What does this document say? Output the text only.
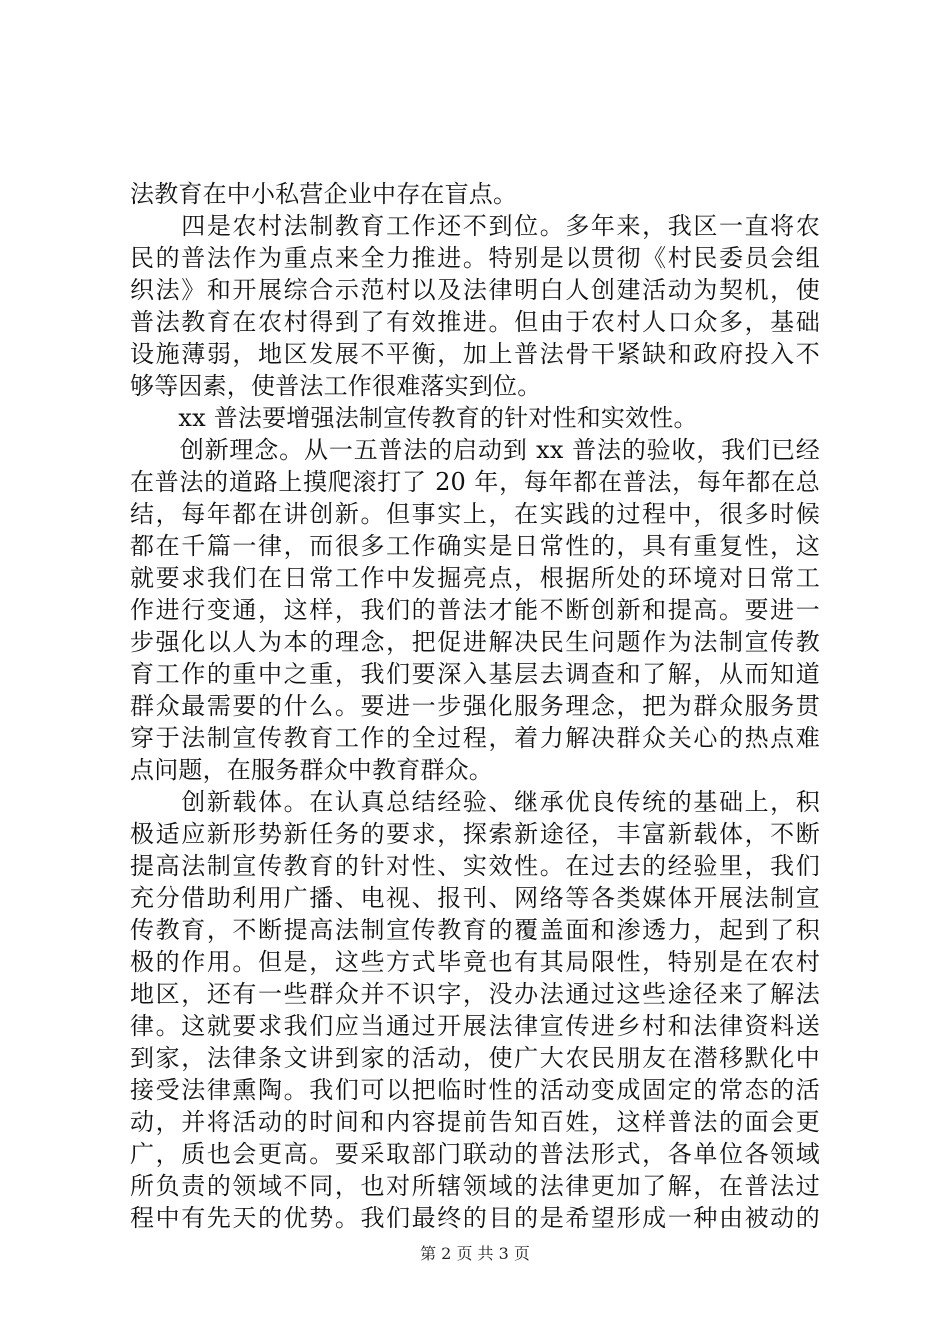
法教育在中小私营企业中存在盲点。
　　四是农村法制教育工作还不到位。多年来，我区一直将农
民的普法作为重点来全力推进。特别是以贯彻《村民委员会组
织法》和开展综合示范村以及法律明白人创建活动为契机，使
普法教育在农村得到了有效推进。但由于农村人口众多，基础
设施薄弱，地区发展不平衡，加上普法骨干紧缺和政府投入不
够等因素，使普法工作很难落实到位。
　　xx 普法要增强法制宣传教育的针对性和实效性。
　　创新理念。从一五普法的启动到 xx 普法的验收，我们已经
在普法的道路上摸爬滚打了 20 年，每年都在普法，每年都在总
结，每年都在讲创新。但事实上，在实践的过程中，很多时候
都在千篇一律，而很多工作确实是日常性的，具有重复性，这
就要求我们在日常工作中发掘亮点，根据所处的环境对日常工
作进行变通，这样，我们的普法才能不断创新和提高。要进一
步强化以人为本的理念，把促进解决民生问题作为法制宣传教
育工作的重中之重，我们要深入基层去调查和了解，从而知道
群众最需要的什么。要进一步强化服务理念，把为群众服务贯
穿于法制宣传教育工作的全过程，着力解决群众关心的热点难
点问题，在服务群众中教育群众。
　　创新载体。在认真总结经验、继承优良传统的基础上，积
极适应新形势新任务的要求，探索新途径，丰富新载体，不断
提高法制宣传教育的针对性、实效性。在过去的经验里，我们
充分借助利用广播、电视、报刊、网络等各类媒体开展法制宣
传教育，不断提高法制宣传教育的覆盖面和渗透力，起到了积
极的作用。但是，这些方式毕竟也有其局限性，特别是在农村
地区，还有一些群众并不识字，没办法通过这些途径来了解法
律。这就要求我们应当通过开展法律宣传进乡村和法律资料送
到家，法律条文讲到家的活动，使广大农民朋友在潜移默化中
接受法律熏陶。我们可以把临时性的活动变成固定的常态的活
动，并将活动的时间和内容提前告知百姓，这样普法的面会更
广，质也会更高。要采取部门联动的普法形式，各单位各领域
所负责的领域不同，也对所辖领域的法律更加了解，在普法过
程中有先天的优势。我们最终的目的是希望形成一种由被动的
第 2 页 共 3 页
